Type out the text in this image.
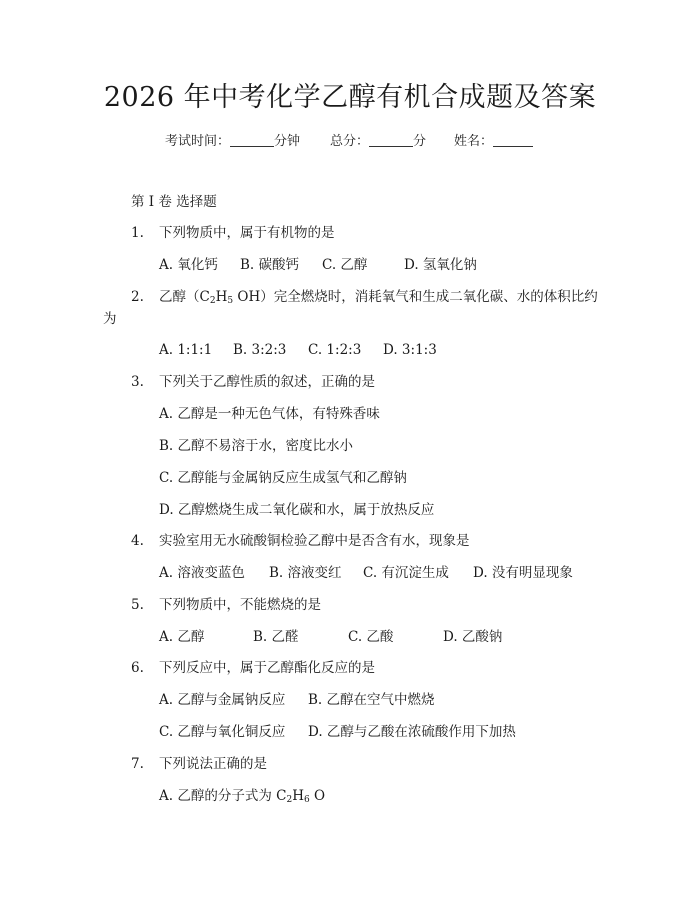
2026 年中考化学乙醇有机合成题及答案
考试时间：	分钟 总分：	分 姓名：
第 I 卷 选择题
1. 下列物质中，属于有机物的是
A. 氧化钙 B. 碳酸钙 C. 乙醇	D. 氢氧化钠
2. 乙醇（$C_2H_5$ OH）完全燃烧时，消耗氧气和生成二氧化碳、水的体积比约
为
A. 1:1:1 B. 3:2:3 C. 1:2:3 D. 3:1:3
3. 下列关于乙醇性质的叙述，正确的是
A. 乙醇是一种无色气体，有特殊香味
B. 乙醇不易溶于水，密度比水小
C. 乙醇能与金属钠反应生成氢气和乙醇钠
D. 乙醇燃烧生成二氧化碳和水，属于放热反应
4. 实验室用无水硫酸铜检验乙醇中是否含有水，现象是
A. 溶液变蓝色 B. 溶液变红 C. 有沉淀生成 D. 没有明显现象
5. 下列物质中，不能燃烧的是
A. 乙醇	B. 乙醛	C. 乙酸	D. 乙酸钠
6. 下列反应中，属于乙醇酯化反应的是
A. 乙醇与金属钠反应 B. 乙醇在空气中燃烧
C. 乙醇与氧化铜反应 D. 乙醇与乙酸在浓硫酸作用下加热
7. 下列说法正确的是
A. 乙醇的分子式为 $C_2H_6$ O
